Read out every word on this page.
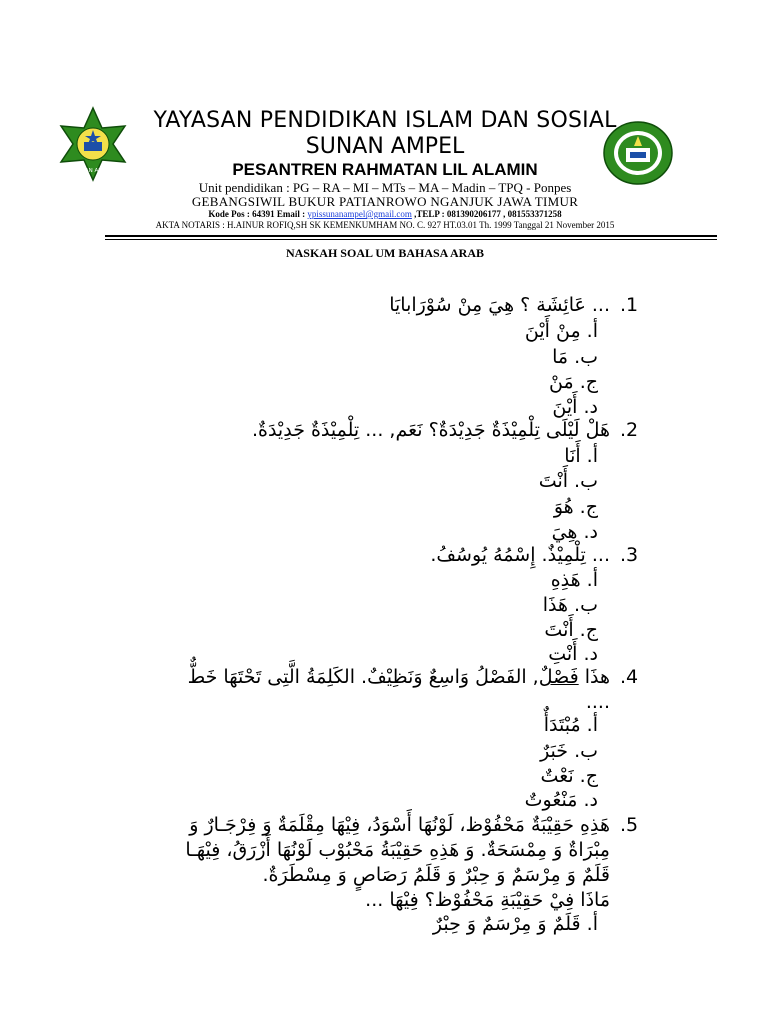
SUNAN AMPEL
YAYASAN PENDIDIKAN ISLAM DAN SOSIAL
SUNAN AMPEL
PESANTREN RAHMATAN LIL ALAMIN
Unit pendidikan : PG – RA – MI – MTs – MA – Madin – TPQ - Ponpes
GEBANGSIWIL BUKUR PATIANROWO NGANJUK JAWA TIMUR
Kode Pos : 64391 Email : ypissunanampel@gmail.com ,TELP : 081390206177 , 081553371258
AKTA NOTARIS : H.AINUR ROFIQ,SH SK KEMENKUMHAM NO. C. 927 HT.03.01 Th. 1999 Tanggal 21 November 2015
NASKAH SOAL UM BAHASA ARAB
.1
... عَائِشَة ؟ هِيَ مِنْ سُوْرَابايَا
أ. مِنْ أَيْنَ
ب. مَا
ج. مَنْ
د. أَيْنَ
.2
هَلْ لَيْلَى تِلْمِيْذَةٌ جَدِيْدَةٌ؟ نَعَم, ... تِلْمِيْذَةٌ جَدِيْدَةٌ.
أ. أَنَا
ب. أَنْتَ
ج. هُوَ
د. هِيَ
.3
... تِلْمِيْذٌ. إِسْمُهُ يُوسُفُ.
أ. هَذِهِ
ب. هَذَا
ج. أَنْتَ
د. أَنْتِ
.4
هذَا فَصْلٌ, الفَصْلُ وَاسِعٌ وَنَظِيْفٌ. الكَلِمَةُ الَّتِى تَحْتَهَا خَطٌّ
....
أ. مُبْتَدَأٌ
ب. خَبَرٌ
ج. نَعْتٌ
د. مَنْعُوتٌ
.5
هَذِهِ حَقِيْبَةٌ مَحْفُوْظ، لَوْنُهَا أَسْوَدُ، فِيْهَا مِقْلَمَةٌ وَ فِرْجَـارٌ وَ
مِبْرَاةٌ وَ مِمْسَحَةٌ. وَ هَذِهِ حَقِيْبَةُ مَحْبُوْب لَوْنُهَا أَزْرَقُ، فِيْهَـا
قَلَمٌ وَ مِرْسَمٌ وَ حِبْرٌ وَ قَلَمُ رَصَاصٍ وَ مِسْطَرَةٌ.
مَاذَا فِيْ حَقِيْبَةِ مَحْفُوْظ؟ فِيْهَا ...
أ. قَلَمٌ وَ مِرْسَمٌ وَ حِبْرٌ
